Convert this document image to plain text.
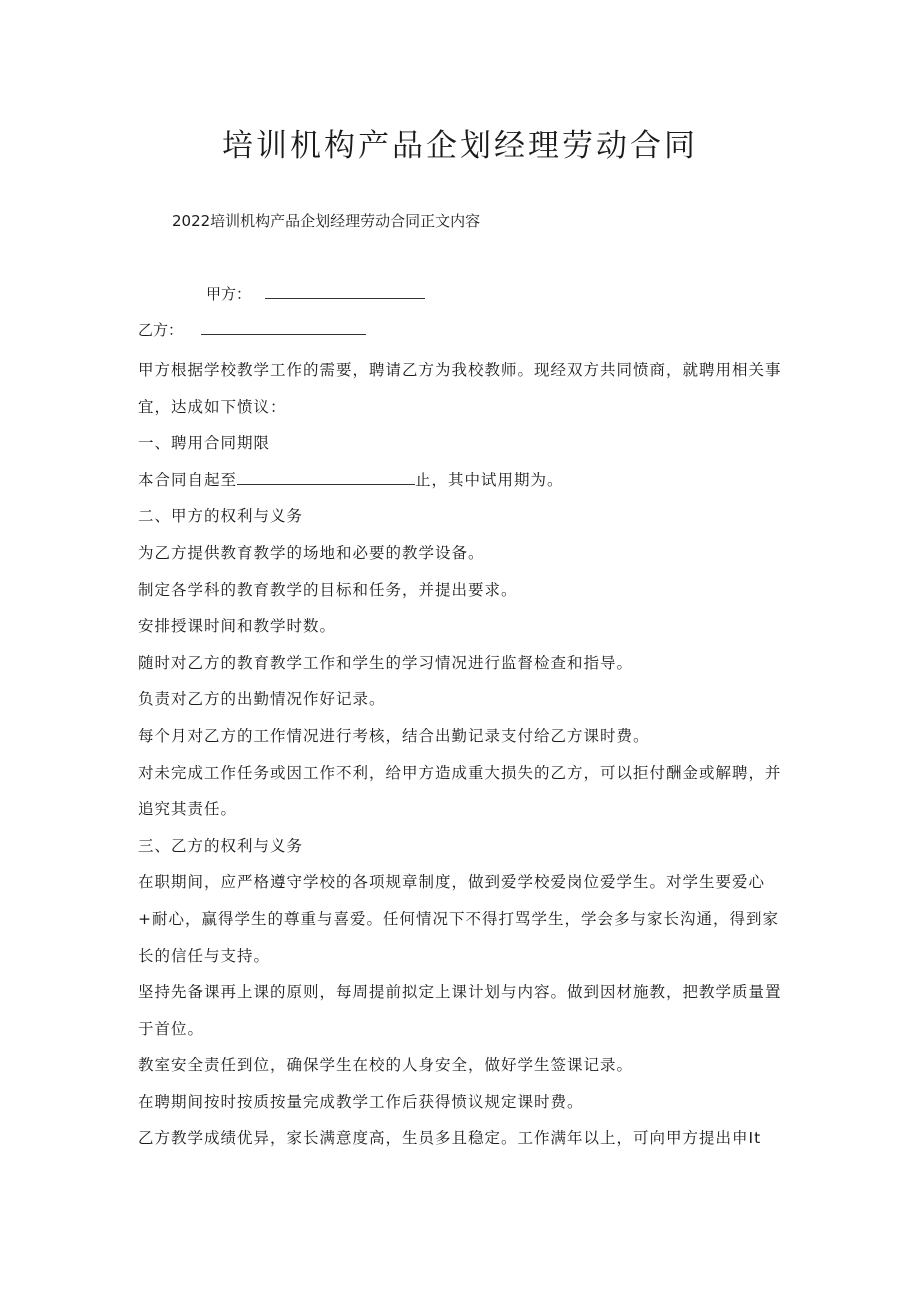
培训机构产品企划经理劳动合同
2022培训机构产品企划经理劳动合同正文内容
甲方：
乙方：

甲方根据学校教学工作的需要，聘请乙方为我校教师。现经双方共同愤商，就聘用相关事宜，达成如下愤议：

一、聘用合同期限

本合同自起至	止，其中试用期为。

二、甲方的权利与义务

为乙方提供教育教学的场地和必要的教学设备。

制定各学科的教育教学的目标和任务，并提出要求。

安排授课时间和教学时数。

随时对乙方的教育教学工作和学生的学习情况进行监督检查和指导。

负责对乙方的出勤情况作好记录。

每个月对乙方的工作情况进行考核，结合出勤记录支付给乙方课时费。

对未完成工作任务或因工作不利，给甲方造成重大损失的乙方，可以拒付酬金或解聘，并追究其责任。

三、乙方的权利与义务

在职期间，应严格遵守学校的各项规章制度，做到爱学校爱岗位爱学生。对学生要爱心+耐心，赢得学生的尊重与喜爱。任何情况下不得打骂学生，学会多与家长沟通，得到家长的信任与支持。

坚持先备课再上课的原则，每周提前拟定上课计划与内容。做到因材施教，把教学质量置于首位。

教室安全责任到位，确保学生在校的人身安全，做好学生签课记录。

在聘期间按时按质按量完成教学工作后获得愤议规定课时费。

乙方教学成绩优异，家长满意度高，生员多且稳定。工作满年以上，可向甲方提出申It
